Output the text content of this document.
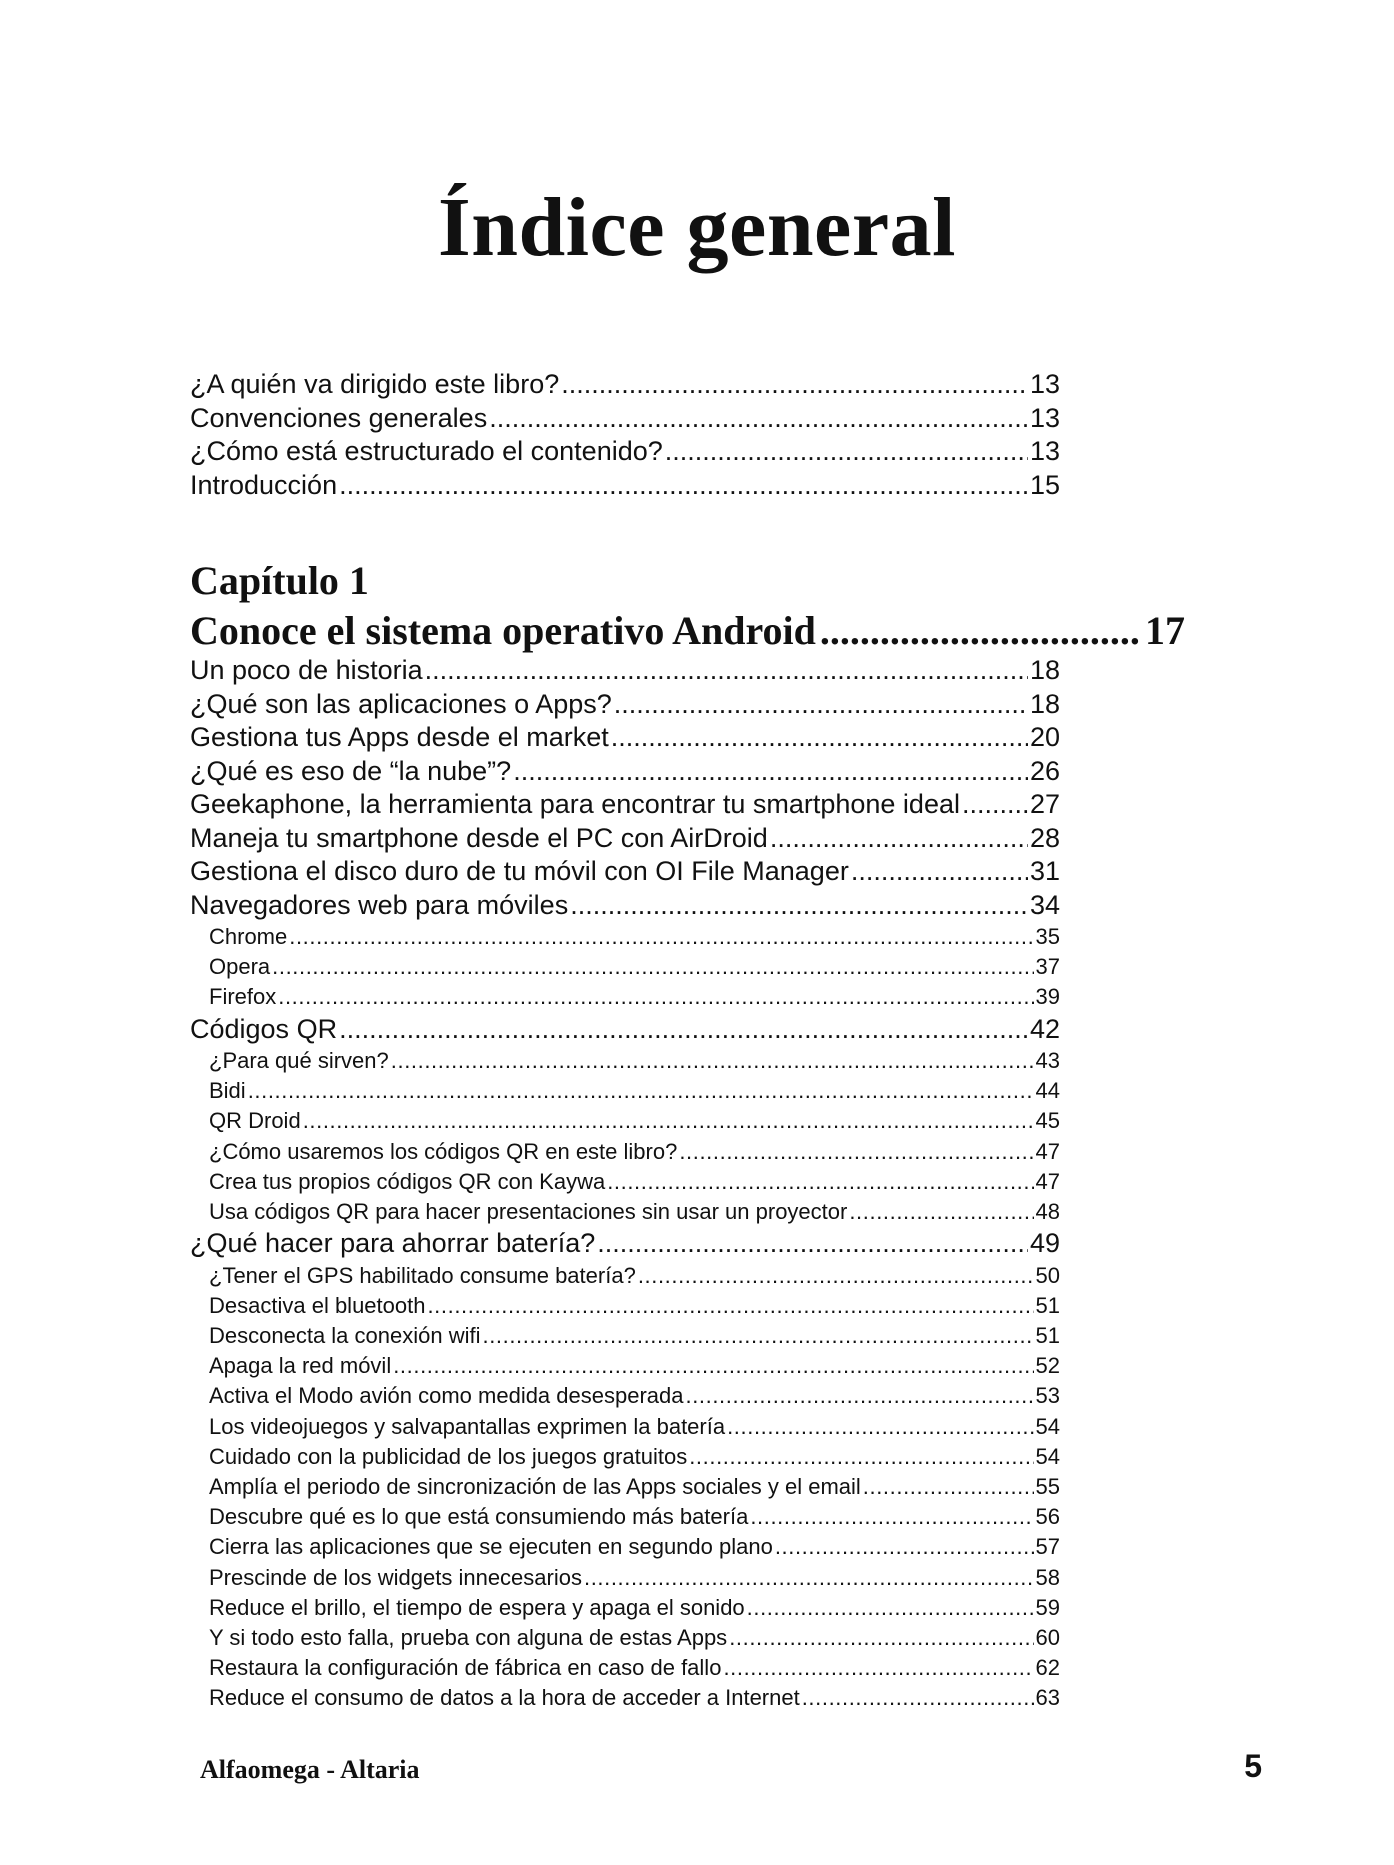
Índice general
¿A quién va dirigido este libro? .....	13
Convenciones generales .....	13
¿Cómo está estructurado el contenido? .....	13
Introducción .....	15
Capítulo 1
Conoce el sistema operativo Android .....	17
Un poco de historia .....	18
¿Qué son las aplicaciones o Apps? .....	18
Gestiona tus Apps desde el market .....	20
¿Qué es eso de “la nube”? .....	26
Geekaphone, la herramienta para encontrar tu smartphone ideal .....	27
Maneja tu smartphone desde el PC con AirDroid .....	28
Gestiona el disco duro de tu móvil con OI File Manager .....	31
Navegadores web para móviles .....	34
Chrome .....	35
Opera .....	37
Firefox .....	39
Códigos QR .....	42
¿Para qué sirven? .....	43
Bidi .....	44
QR Droid .....	45
¿Cómo usaremos los códigos QR en este libro? .....	47
Crea tus propios códigos QR con Kaywa .....	47
Usa códigos QR para hacer presentaciones sin usar un proyector .....	48
¿Qué hacer para ahorrar batería? .....	49
¿Tener el GPS habilitado consume batería? .....	50
Desactiva el bluetooth .....	51
Desconecta la conexión wifi .....	51
Apaga la red móvil .....	52
Activa el Modo avión como medida desesperada .....	53
Los videojuegos y salvapantallas exprimen la batería .....	54
Cuidado con la publicidad de los juegos gratuitos .....	54
Amplía el periodo de sincronización de las Apps sociales y el email .....	55
Descubre qué es lo que está consumiendo más batería .....	56
Cierra las aplicaciones que se ejecuten en segundo plano .....	57
Prescinde de los widgets innecesarios .....	58
Reduce el brillo, el tiempo de espera y apaga el sonido .....	59
Y si todo esto falla, prueba con alguna de estas Apps .....	60
Restaura la configuración de fábrica en caso de fallo .....	62
Reduce el consumo de datos a la hora de acceder a Internet .....	63
Alfaomega - Altaria	5
